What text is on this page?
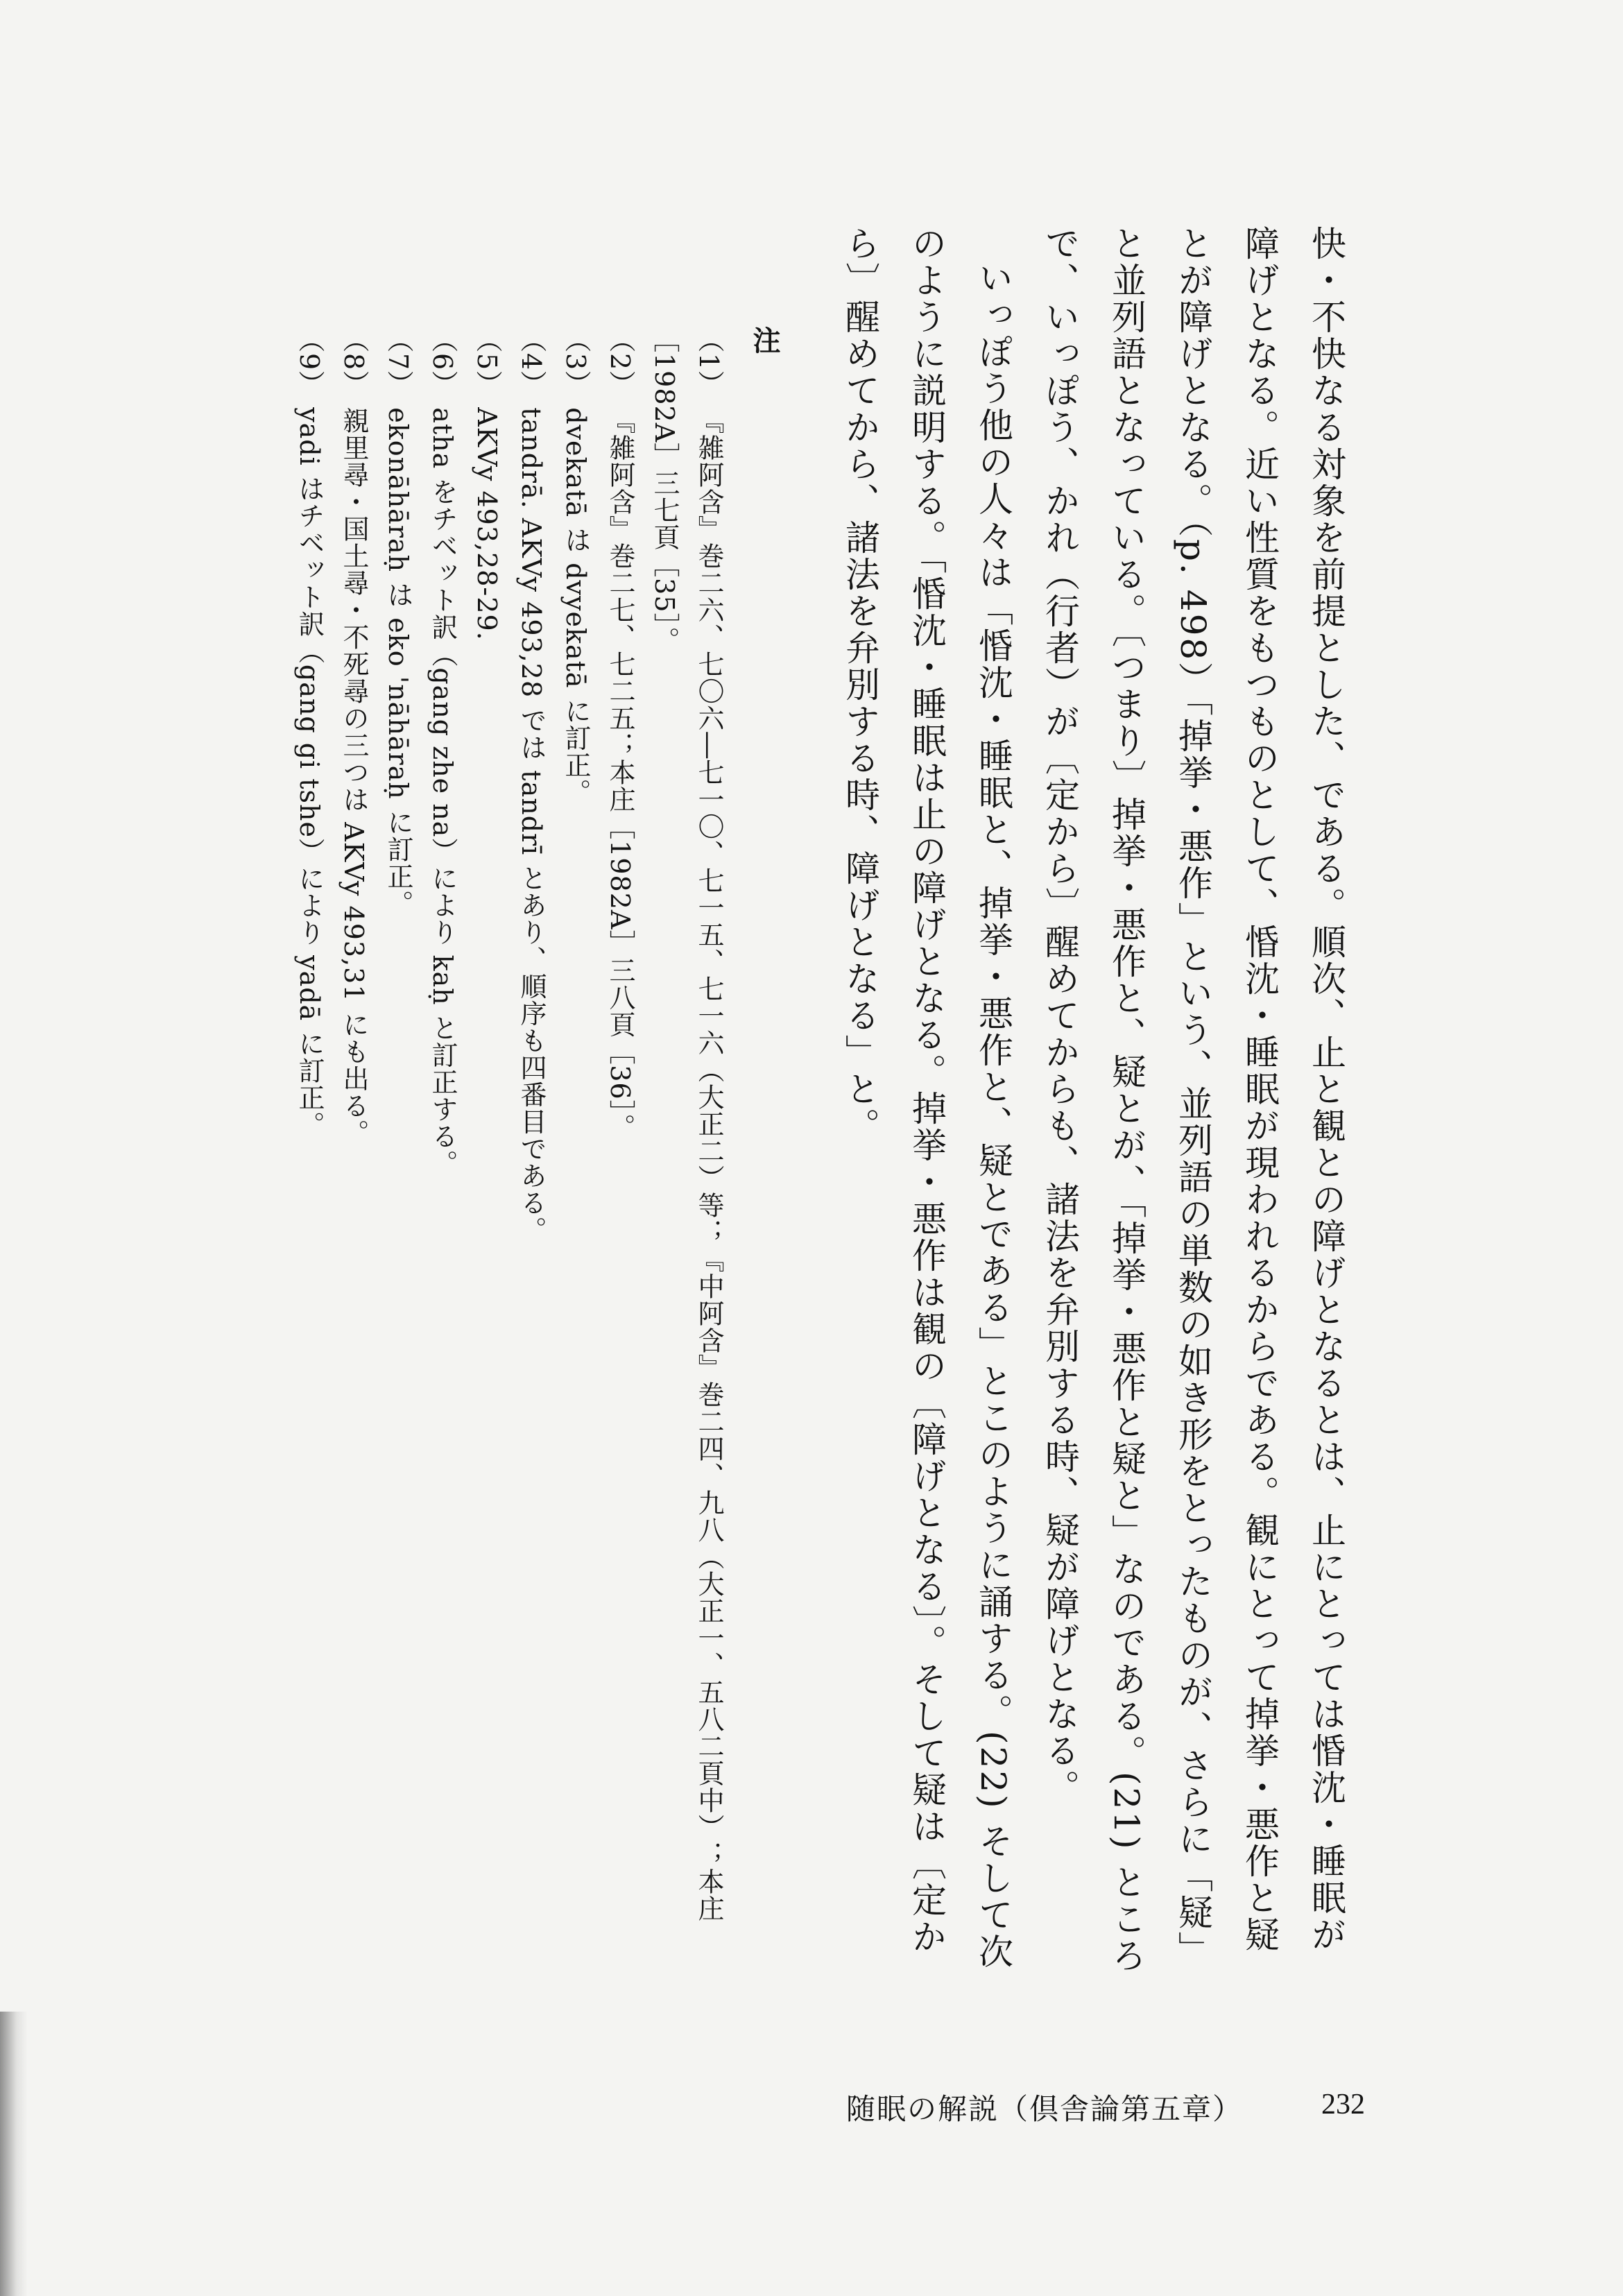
快・不快なる対象を前提とした、である。順次、止と観との障げとなるとは、止にとっては惛沈・睡眠が障げとなる。近い性質をもつものとして、惛沈・睡眠が現われるからである。観にとって掉挙・悪作と疑とが障げとなる。（p. 498）「掉挙・悪作」という、並列語の単数の如き形をとったものが、さらに「疑」と並列語となっている。〔つまり〕掉挙・悪作と、疑とが、「掉挙・悪作と疑と」なのである。(21) ところで、いっぽう、かれ（行者）が〔定から〕醒めてからも、諸法を弁別する時、疑が障げとなる。

いっぽう他の人々は「惛沈・睡眠と、掉挙・悪作と、疑とである」とこのように誦する。(22) そして次のように説明する。「惛沈・睡眠は止の障げとなる。掉挙・悪作は観の〔障げとなる〕。そして疑は〔定から〕醒めてから、諸法を弁別する時、障げとなる」と。

注
（1）『雑阿含』巻二六、七〇六―七一〇、七一五、七一六（大正二）等；『中阿含』巻二四、九八（大正一、五八二頁中）；本庄［1982A］三七頁［35］。
（2）『雑阿含』巻二七、七二五；本庄［1982A］三八頁［36］。
（3）dvekatā は dvyekatā に訂正。
（4）tandrā. AKVy 493,28 では tandrī とあり、順序も四番目である。
（5）AKVy 493,28-29.
（6）atha をチベット訳（gang zhe na）により kaḥ と訂正する。
（7）ekonāhāraḥ は eko 'nāhāraḥ に訂正。
（8）親里尋・国土尋・不死尋の三つは AKVy 493,31 にも出る。
（9）yadi はチベット訳（gang gi tshe）により yadā に訂正。
随眠の解説（倶舎論第五章）	232
